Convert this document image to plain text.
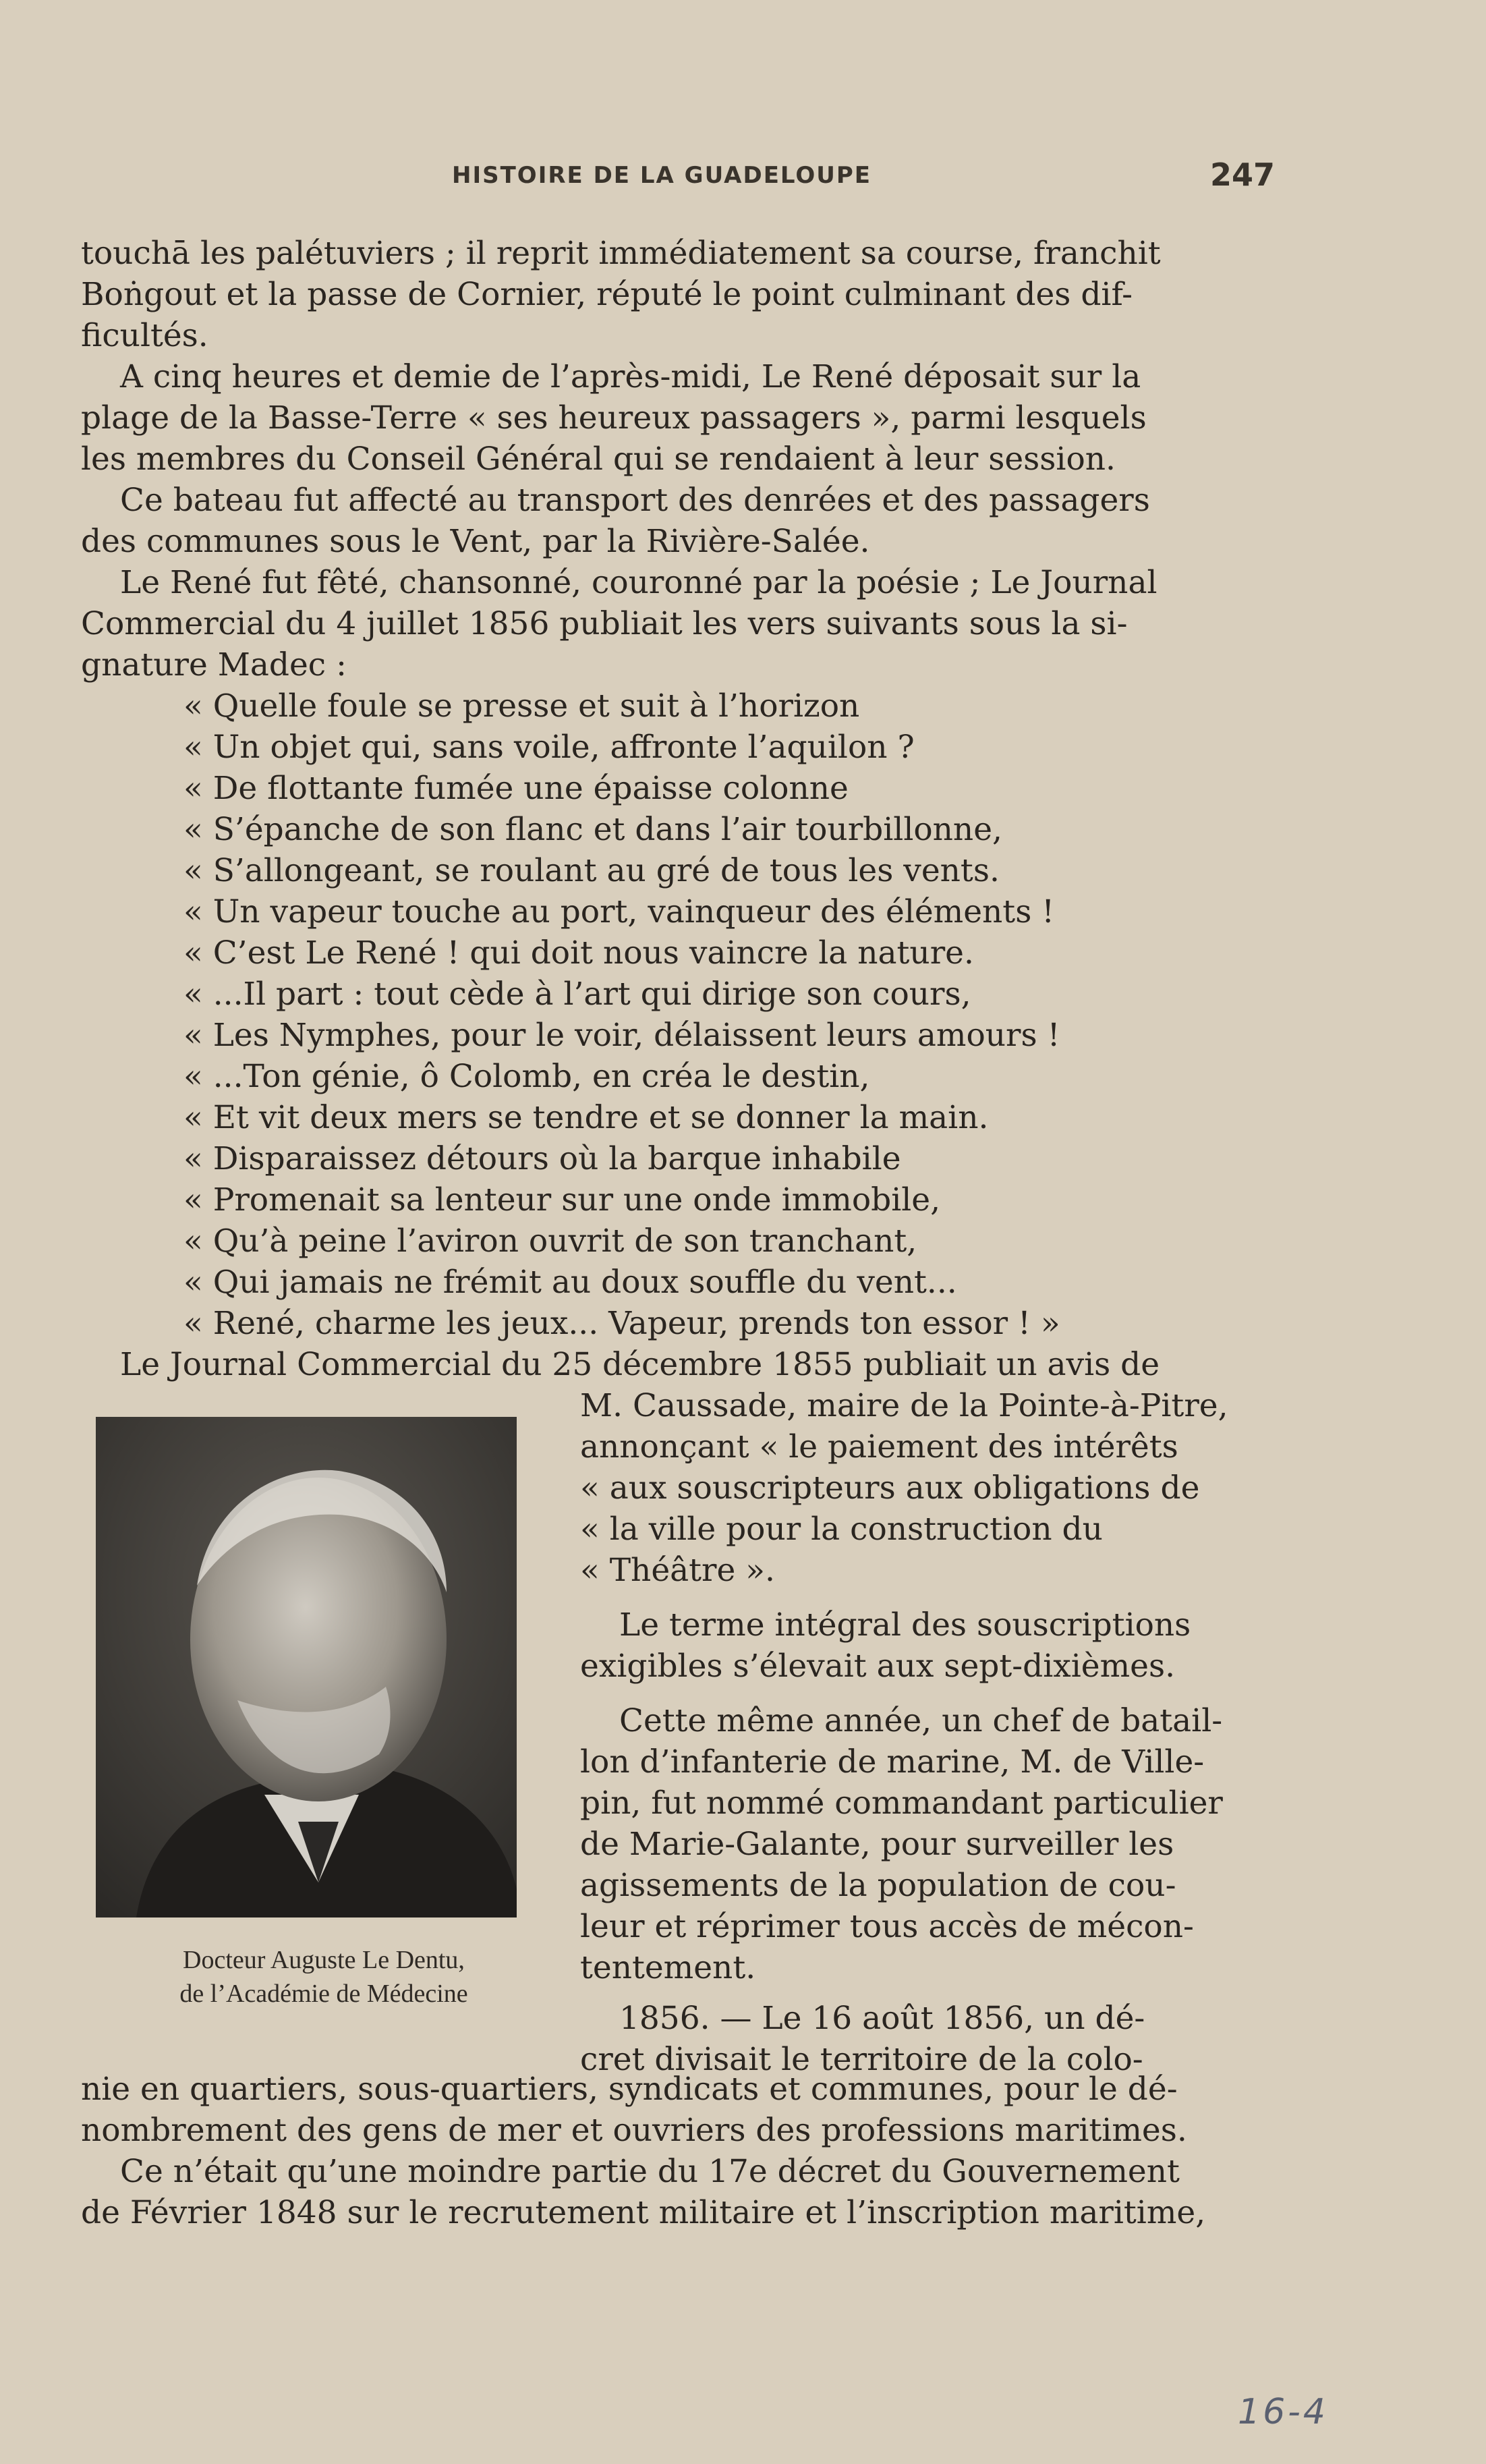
HISTOIRE DE LA GUADELOUPE	247
touchā les palétuviers ; il reprit immédiatement sa course, franchit
Boṅgout et la passe de Cornier, réputé le point culminant des dif-
ficultés.
A cinq heures et demie de l’après-midi, Le René déposait sur la
plage de la Basse-Terre « ses heureux passagers », parmi lesquels
les membres du Conseil Général qui se rendaient à leur session.
Ce bateau fut affecté au transport des denrées et des passagers
des communes sous le Vent, par la Rivière-Salée.
Le René fut fêté, chansonné, couronné par la poésie ; Le Journal
Commercial du 4 juillet 1856 publiait les vers suivants sous la si-
gnature Madec :
« Quelle foule se presse et suit à l’horizon
« Un objet qui, sans voile, affronte l’aquilon ?
« De flottante fumée une épaisse colonne
« S’épanche de son flanc et dans l’air tourbillonne,
« S’allongeant, se roulant au gré de tous les vents.
« Un vapeur touche au port, vainqueur des éléments !
« C’est Le René ! qui doit nous vaincre la nature.
« ...Il part : tout cède à l’art qui dirige son cours,
« Les Nymphes, pour le voir, délaissent leurs amours !
« ...Ton génie, ô Colomb, en créa le destin,
« Et vit deux mers se tendre et se donner la main.
« Disparaissez détours où la barque inhabile
« Promenait sa lenteur sur une onde immobile,
« Qu’à peine l’aviron ouvrit de son tranchant,
« Qui jamais ne frémit au doux souffle du vent...
« René, charme les jeux... Vapeur, prends ton essor ! »
Le Journal Commercial du 25 décembre 1855 publiait un avis de
Docteur Auguste Le Dentu,
de l’Académie de Médecine
M. Caussade, maire de la Pointe-à-Pitre,
annonçant « le paiement des intérêts
« aux souscripteurs aux obligations de
« la ville pour la construction du
« Théâtre ».
Le terme intégral des souscriptions
exigibles s’élevait aux sept-dixièmes.
Cette même année, un chef de batail-
lon d’infanterie de marine, M. de Ville-
pin, fut nommé commandant particulier
de Marie-Galante, pour surveiller les
agissements de la population de cou-
leur et réprimer tous accès de mécon-
tentement.
1856. — Le 16 août 1856, un dé-
cret divisait le territoire de la colo-
nie en quartiers, sous-quartiers, syndicats et communes, pour le dé-
nombrement des gens de mer et ouvriers des professions maritimes.
Ce n’était qu’une moindre partie du 17e décret du Gouvernement
de Février 1848 sur le recrutement militaire et l’inscription maritime,
16-4
